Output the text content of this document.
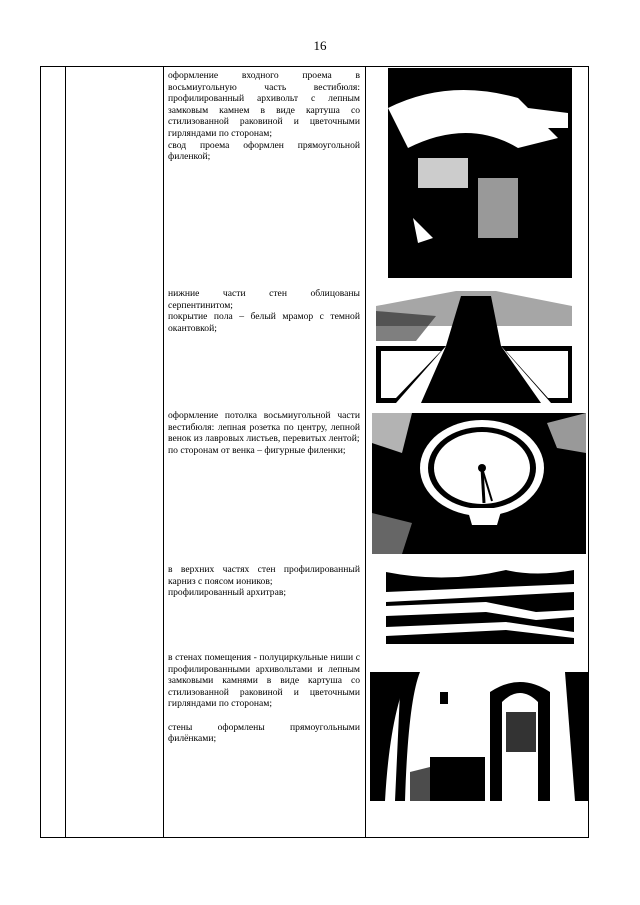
16

оформление входного проема в восьмиугольную часть вестибюля: профилированный архивольт с лепным замковым камнем в виде картуша со стилизованной раковиной и цветочными гирляндами по сторонам;

свод проема оформлен прямоугольной филенкой;

нижние части стен облицованы серпентинитом;

покрытие пола – белый мрамор с темной окантовкой;

оформление потолка восьмиугольной части вестибюля: лепная розетка по центру, лепной венок из лавровых листьев, перевитых лентой;

по сторонам от венка – фигурные филенки;

в верхних частях стен профилированный карниз с поясом иоников;

профилированный архитрав;

в стенах помещения - полуциркульные ниши с профилированными архивольтами и лепным замковыми камнями в виде картуша со стилизованной раковиной и цветочными гирляндами по сторонам;

стены оформлены прямоугольными филёнками;
